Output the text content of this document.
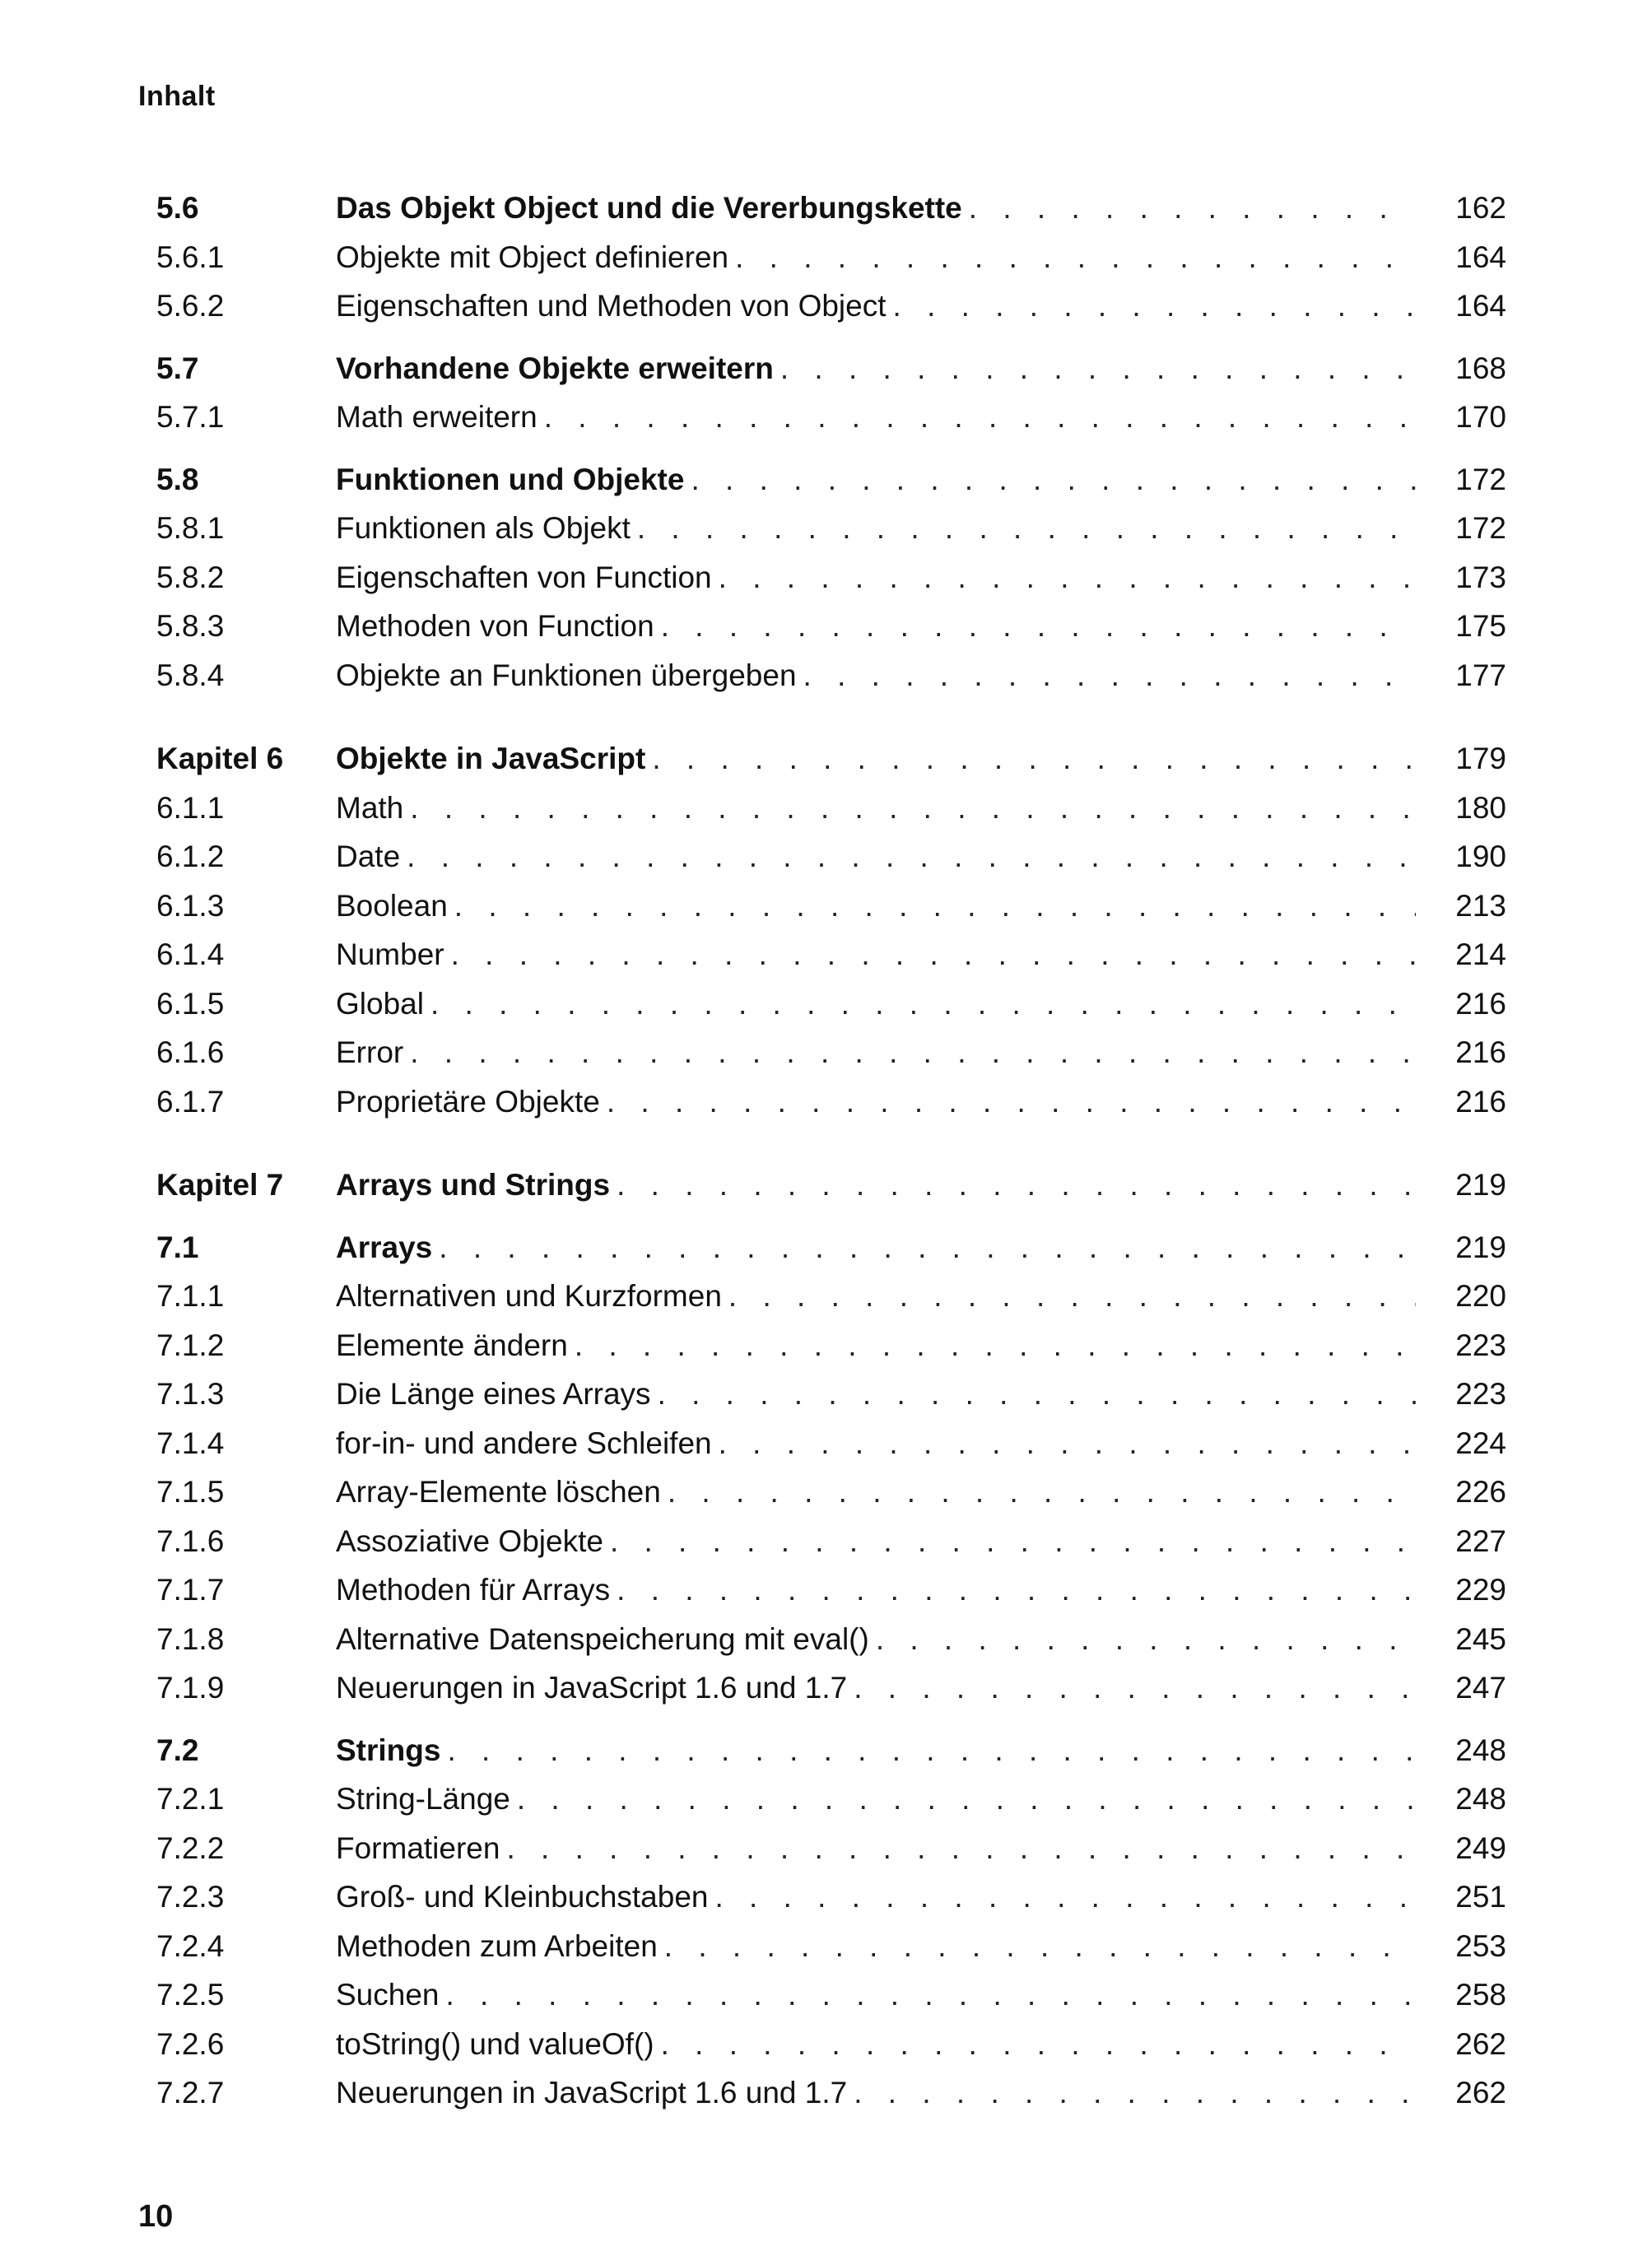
Inhalt
5.6	Das Objekt Object und die Vererbungskette . . .	162
5.6.1	Objekte mit Object definieren . . .	164
5.6.2	Eigenschaften und Methoden von Object . . .	164
5.7	Vorhandene Objekte erweitern . . .	168
5.7.1	Math erweitern . . .	170
5.8	Funktionen und Objekte . . .	172
5.8.1	Funktionen als Objekt . . .	172
5.8.2	Eigenschaften von Function . . .	173
5.8.3	Methoden von Function . . .	175
5.8.4	Objekte an Funktionen übergeben . . .	177
Kapitel 6	Objekte in JavaScript . . .	179
6.1.1	Math . . .	180
6.1.2	Date . . .	190
6.1.3	Boolean . . .	213
6.1.4	Number . . .	214
6.1.5	Global . . .	216
6.1.6	Error . . .	216
6.1.7	Proprietäre Objekte . . .	216
Kapitel 7	Arrays und Strings . . .	219
7.1	Arrays . . .	219
7.1.1	Alternativen und Kurzformen . . .	220
7.1.2	Elemente ändern . . .	223
7.1.3	Die Länge eines Arrays . . .	223
7.1.4	for-in- und andere Schleifen . . .	224
7.1.5	Array-Elemente löschen . . .	226
7.1.6	Assoziative Objekte . . .	227
7.1.7	Methoden für Arrays . . .	229
7.1.8	Alternative Datenspeicherung mit eval() . . .	245
7.1.9	Neuerungen in JavaScript 1.6 und 1.7 . . .	247
7.2	Strings . . .	248
7.2.1	String-Länge . . .	248
7.2.2	Formatieren . . .	249
7.2.3	Groß- und Kleinbuchstaben . . .	251
7.2.4	Methoden zum Arbeiten . . .	253
7.2.5	Suchen . . .	258
7.2.6	toString() und valueOf() . . .	262
7.2.7	Neuerungen in JavaScript 1.6 und 1.7 . . .	262
10
